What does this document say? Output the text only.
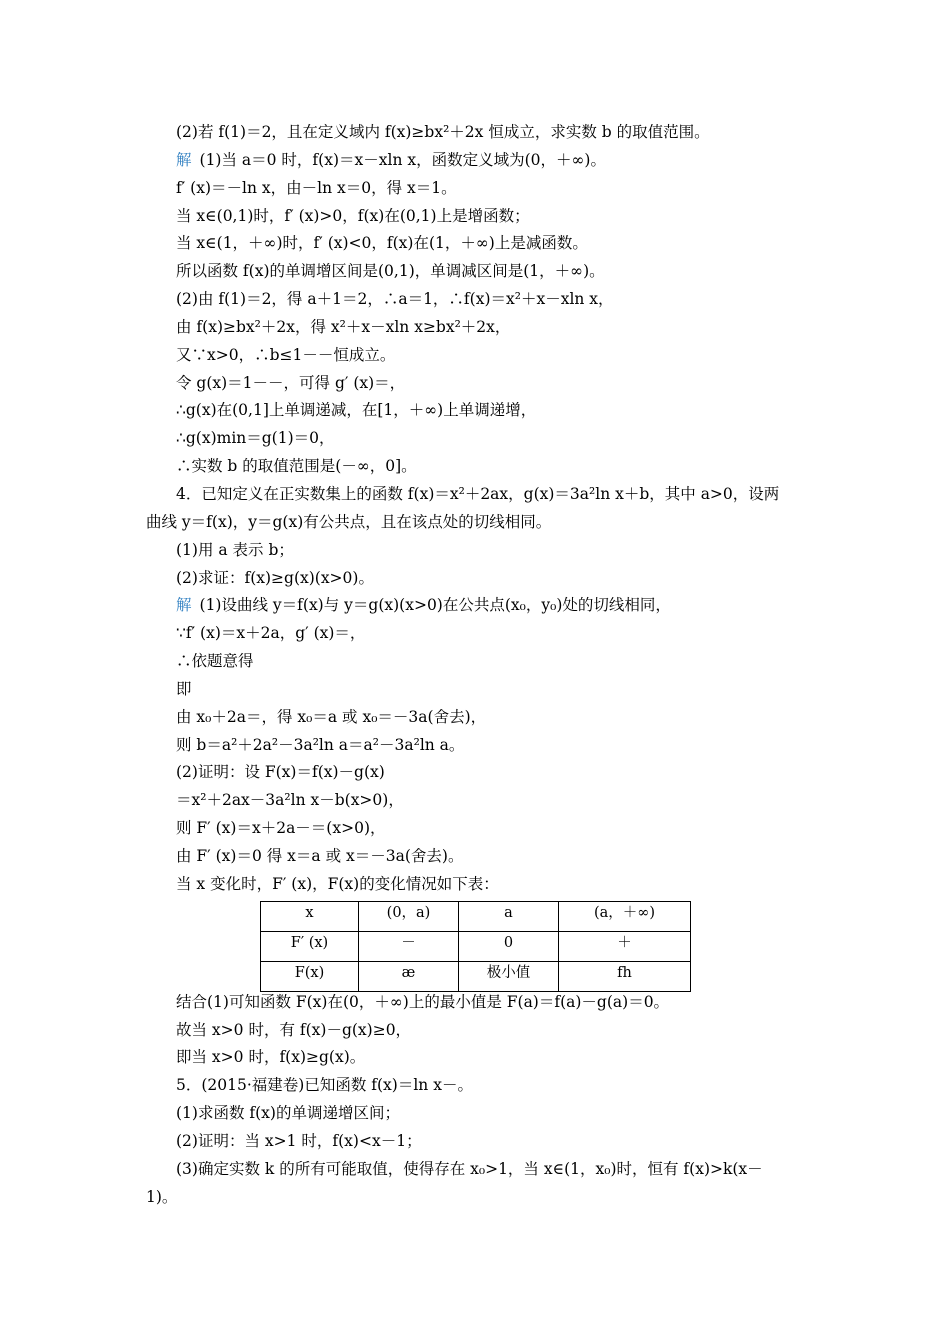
(2)若 f(1)＝2，且在定义域内 f(x)≥bx²＋2x 恒成立，求实数 b 的取值范围。
解 (1)当 a＝0 时，f(x)＝x－xln x，函数定义域为(0，＋∞)。
f′ (x)＝－ln x，由－ln x＝0，得 x＝1。
当 x∈(0,1)时，f′ (x)>0，f(x)在(0,1)上是增函数；
当 x∈(1，＋∞)时，f′ (x)<0，f(x)在(1，＋∞)上是减函数。
所以函数 f(x)的单调增区间是(0,1)，单调减区间是(1，＋∞)。
(2)由 f(1)＝2，得 a＋1＝2，∴a＝1，∴f(x)＝x²＋x－xln x，
由 f(x)≥bx²＋2x，得 x²＋x－xln x≥bx²＋2x，
又∵x>0，∴b≤1－－恒成立。
令 g(x)＝1－－，可得 g′ (x)＝，
∴g(x)在(0,1]上单调递减，在[1，＋∞)上单调递增，
∴g(x)min＝g(1)＝0，
∴实数 b 的取值范围是(－∞，0]。
4．已知定义在正实数集上的函数 f(x)＝x²＋2ax，g(x)＝3a²ln x＋b，其中 a>0，设两
曲线 y＝f(x)，y＝g(x)有公共点，且在该点处的切线相同。
(1)用 a 表示 b；
(2)求证：f(x)≥g(x)(x>0)。
解 (1)设曲线 y＝f(x)与 y＝g(x)(x>0)在公共点(x₀，y₀)处的切线相同，
∵f′ (x)＝x＋2a，g′ (x)＝，
∴依题意得
即
由 x₀＋2a＝，得 x₀＝a 或 x₀＝－3a(舍去)，
则 b＝a²＋2a²－3a²ln a＝a²－3a²ln a。
(2)证明：设 F(x)＝f(x)－g(x)
＝x²＋2ax－3a²ln x－b(x>0)，
则 F′ (x)＝x＋2a－＝(x>0)，
由 F′ (x)＝0 得 x＝a 或 x＝－3a(舍去)。
当 x 变化时，F′ (x)，F(x)的变化情况如下表：
x	(0，a)	a	(a，＋∞)
F′ (x)	－	0	＋
F(x)	æ	极小值	fh
结合(1)可知函数 F(x)在(0，＋∞)上的最小值是 F(a)＝f(a)－g(a)＝0。
故当 x>0 时，有 f(x)－g(x)≥0，
即当 x>0 时，f(x)≥g(x)。
5．(2015·福建卷)已知函数 f(x)＝ln x－。
(1)求函数 f(x)的单调递增区间；
(2)证明：当 x>1 时，f(x)<x－1；
(3)确定实数 k 的所有可能取值，使得存在 x₀>1，当 x∈(1，x₀)时，恒有 f(x)>k(x－
1)。
